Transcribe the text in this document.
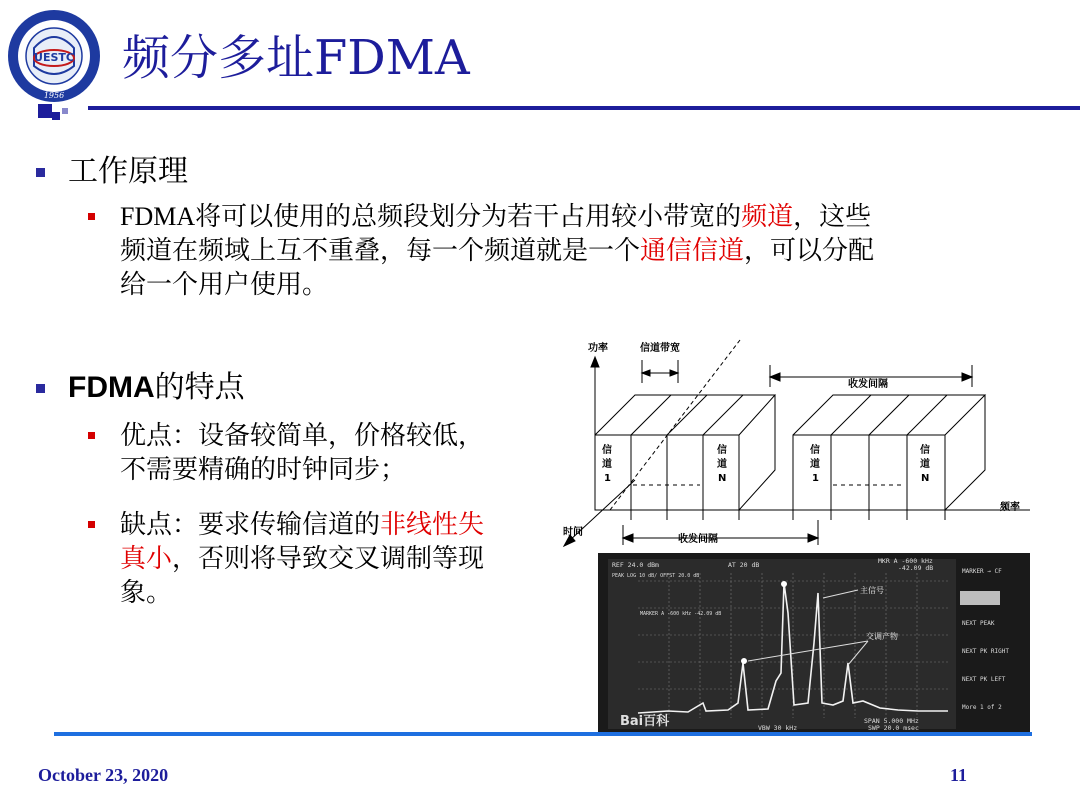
UESTC
1956
频分多址FDMA
工作原理
FDMA将可以使用的总频段划分为若干占用较小带宽的频道，这些
频道在频域上互不重叠，每一个频道就是一个通信信道，可以分配
给一个用户使用。
FDMA的特点
优点：设备较简单，价格较低，
不需要精确的时钟同步；
缺点：要求传输信道的非线性失
真小，否则将导致交叉调制等现
象。
功率	信道带宽
收发间隔
频率
时间
收发间隔
信
道
1
信
道
N
信
道
1
信
道
N
REF 24.0 dBm	AT 20 dB	MKR A -600 kHz
-42.09 dB
PEAK LOG 10 dB/ OFFST 20.0 dB
MARKER A -600 kHz -42.09 dB
SPAN 5.000 MHz
SWP 20.0 msec
VBW 30 kHz
MARKER → CF
NEXT PEAK
NEXT PK RIGHT
NEXT PK LEFT
More 1 of 2
主信号
交调产物
Bai百科
October 23, 2020	11
